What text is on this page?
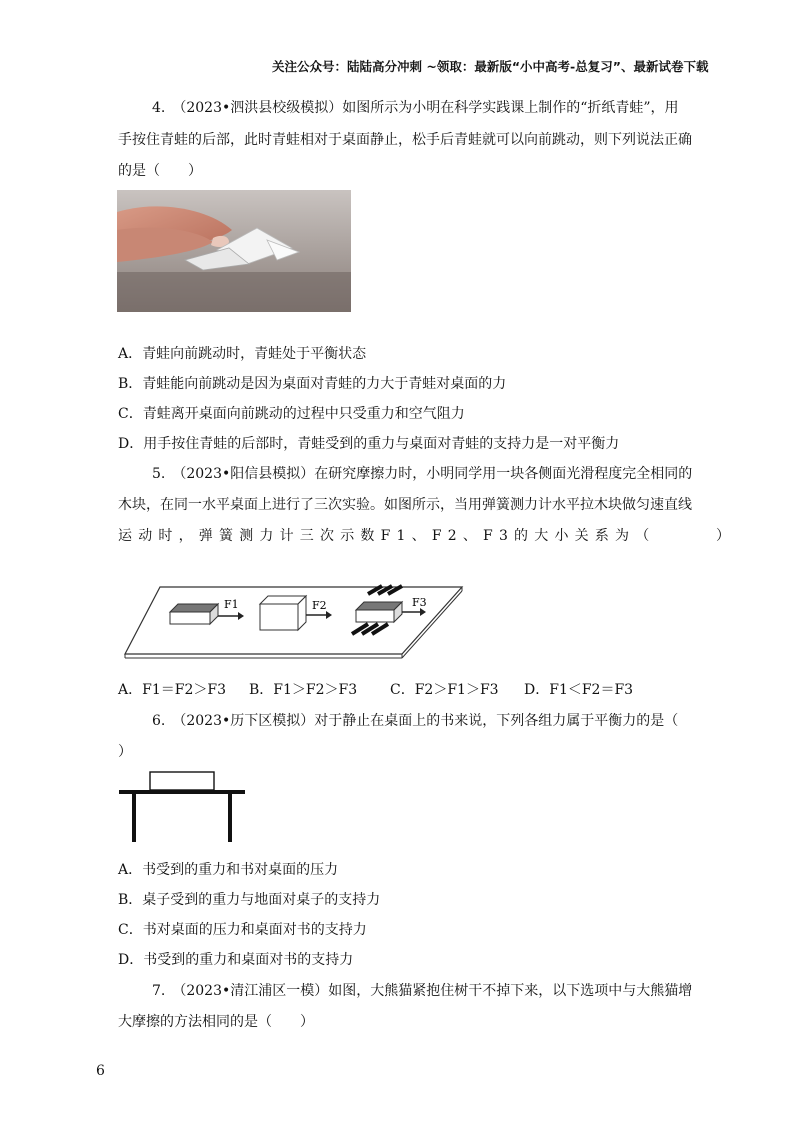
关注公众号：陆陆高分冲刺 ~领取：最新版“小中高考-总复习”、最新试卷下载
4.　（2023•泗洪县校级模拟）如图所示为小明在科学实践课上制作的“折纸青蛙”，用
手按住青蛙的后部，此时青蛙相对于桌面静止，松手后青蛙就可以向前跳动，则下列说法正确
的是（　　）
A．青蛙向前跳动时，青蛙处于平衡状态
B．青蛙能向前跳动是因为桌面对青蛙的力大于青蛙对桌面的力
C．青蛙离开桌面向前跳动的过程中只受重力和空气阻力
D．用手按住青蛙的后部时，青蛙受到的重力与桌面对青蛙的支持力是一对平衡力
5.　（2023•阳信县模拟）在研究摩擦力时，小明同学用一块各侧面光滑程度完全相同的
木块，在同一水平桌面上进行了三次实验。如图所示，当用弹簧测力计水平拉木块做匀速直线
运动时，弹簧测力计三次示数F1、F2、F3的大小关系为（　　　）
F1	F2	F3
A．F1＝F2＞F3 B．F1＞F2＞F3 C．F2＞F1＞F3 D．F1＜F2＝F3
6.　（2023•历下区模拟）对于静止在桌面上的书来说，下列各组力属于平衡力的是（
）
A．书受到的重力和书对桌面的压力
B．桌子受到的重力与地面对桌子的支持力
C．书对桌面的压力和桌面对书的支持力
D．书受到的重力和桌面对书的支持力
7.　（2023•清江浦区一模）如图，大熊猫紧抱住树干不掉下来，以下选项中与大熊猫增
大摩擦的方法相同的是（　　）
6
